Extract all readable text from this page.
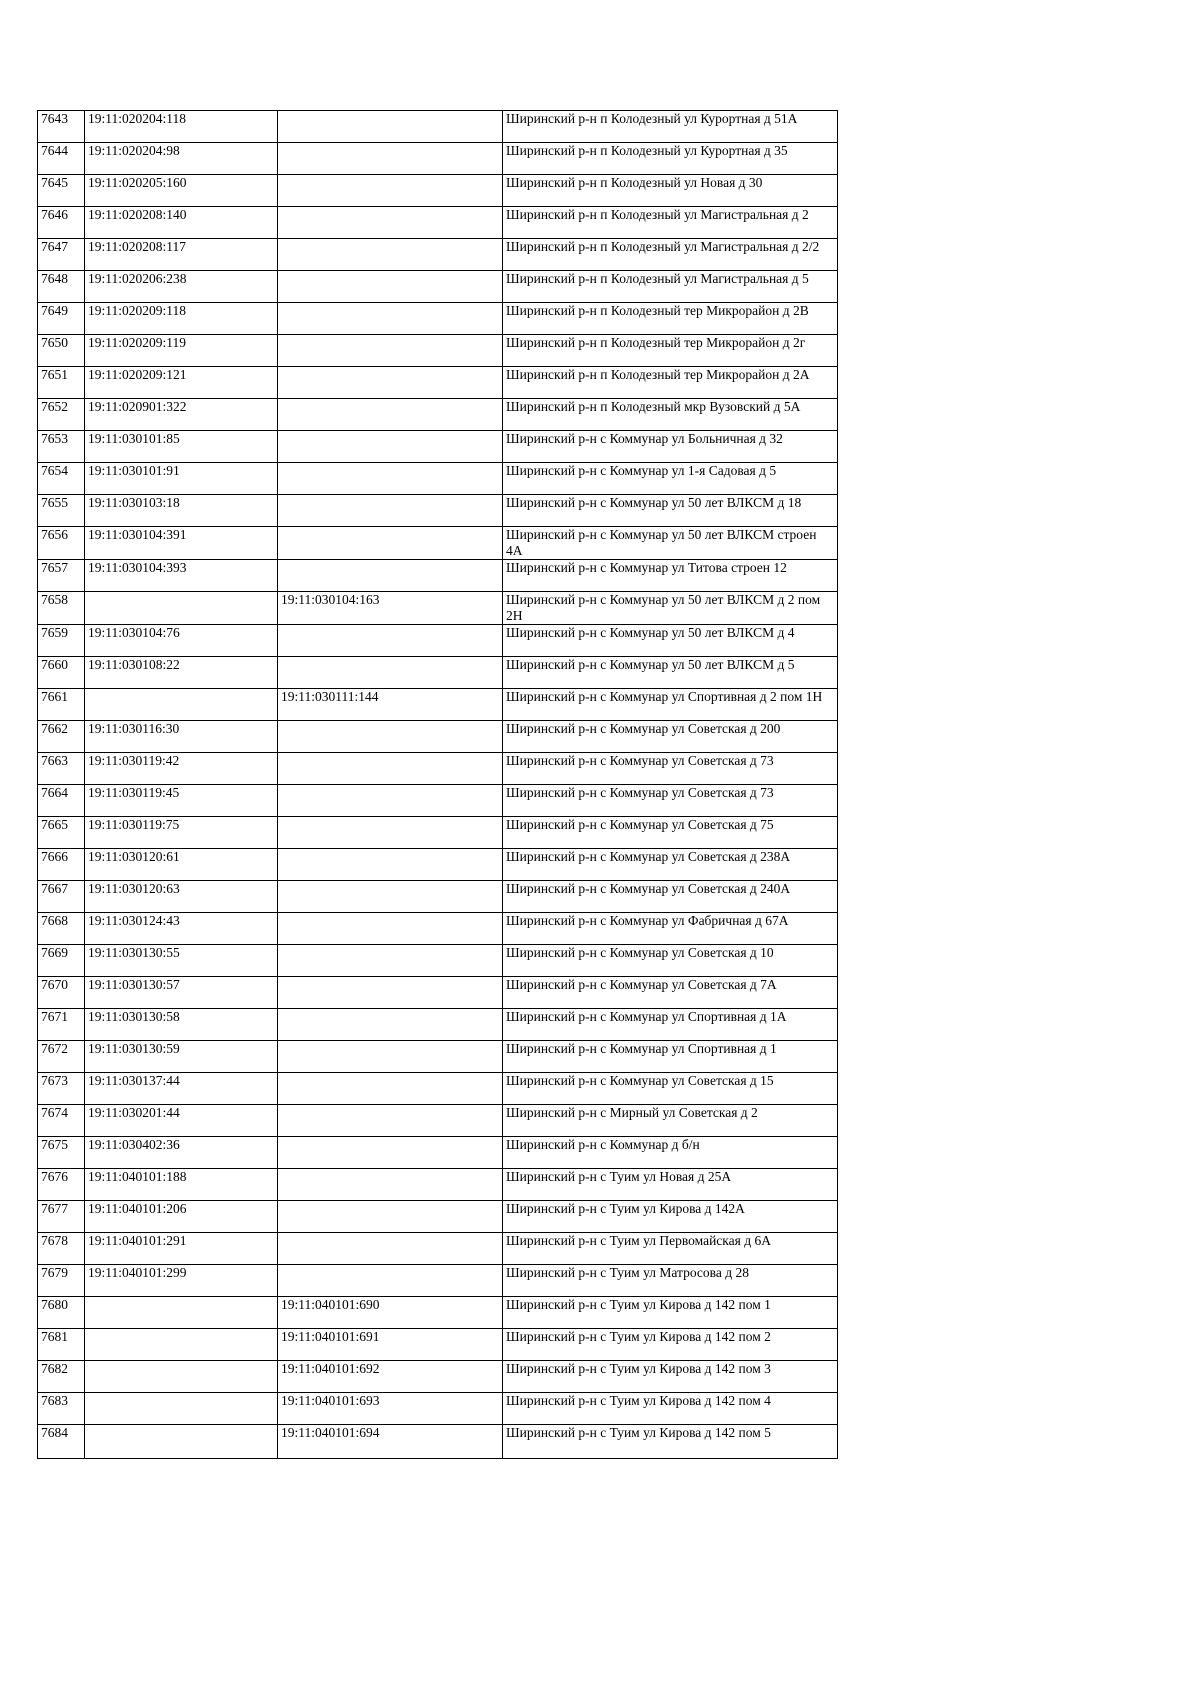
7643	19:11:020204:118		Ширинский р-н п Колодезный ул Курортная д 51А
7644	19:11:020204:98		Ширинский р-н п Колодезный ул Курортная д 35
7645	19:11:020205:160		Ширинский р-н п Колодезный ул Новая д 30
7646	19:11:020208:140		Ширинский р-н п Колодезный ул Магистральная д 2
7647	19:11:020208:117		Ширинский р-н п Колодезный ул Магистральная д 2/2
7648	19:11:020206:238		Ширинский р-н п Колодезный ул Магистральная д 5
7649	19:11:020209:118		Ширинский р-н п Колодезный тер Микрорайон д 2В
7650	19:11:020209:119		Ширинский р-н п Колодезный тер Микрорайон д 2г
7651	19:11:020209:121		Ширинский р-н п Колодезный тер Микрорайон д 2А
7652	19:11:020901:322		Ширинский р-н п Колодезный мкр Вузовский д 5А
7653	19:11:030101:85		Ширинский р-н с Коммунар ул Больничная д 32
7654	19:11:030101:91		Ширинский р-н с Коммунар ул 1-я Садовая д 5
7655	19:11:030103:18		Ширинский р-н с Коммунар ул 50 лет ВЛКСМ д 18
7656	19:11:030104:391		Ширинский р-н с Коммунар ул 50 лет ВЛКСМ строен 4А
7657	19:11:030104:393		Ширинский р-н с Коммунар ул Титова строен 12
7658		19:11:030104:163	Ширинский р-н с Коммунар ул 50 лет ВЛКСМ д 2 пом 2Н
7659	19:11:030104:76		Ширинский р-н с Коммунар ул 50 лет ВЛКСМ д 4
7660	19:11:030108:22		Ширинский р-н с Коммунар ул 50 лет ВЛКСМ д 5
7661		19:11:030111:144	Ширинский р-н с Коммунар ул Спортивная д 2 пом 1Н
7662	19:11:030116:30		Ширинский р-н с Коммунар ул Советская д 200
7663	19:11:030119:42		Ширинский р-н с Коммунар ул Советская д 73
7664	19:11:030119:45		Ширинский р-н с Коммунар ул Советская д 73
7665	19:11:030119:75		Ширинский р-н с Коммунар ул Советская д 75
7666	19:11:030120:61		Ширинский р-н с Коммунар ул Советская д 238А
7667	19:11:030120:63		Ширинский р-н с Коммунар ул Советская д 240А
7668	19:11:030124:43		Ширинский р-н с Коммунар ул Фабричная д 67А
7669	19:11:030130:55		Ширинский р-н с Коммунар ул Советская д 10
7670	19:11:030130:57		Ширинский р-н с Коммунар ул Советская д 7А
7671	19:11:030130:58		Ширинский р-н с Коммунар ул Спортивная д 1А
7672	19:11:030130:59		Ширинский р-н с Коммунар ул Спортивная д 1
7673	19:11:030137:44		Ширинский р-н с Коммунар ул Советская д 15
7674	19:11:030201:44		Ширинский р-н с Мирный ул Советская д 2
7675	19:11:030402:36		Ширинский р-н с Коммунар д б/н
7676	19:11:040101:188		Ширинский р-н с Туим ул Новая д 25А
7677	19:11:040101:206		Ширинский р-н с Туим ул Кирова д 142А
7678	19:11:040101:291		Ширинский р-н с Туим ул Первомайская д 6А
7679	19:11:040101:299		Ширинский р-н с Туим ул Матросова д 28
7680		19:11:040101:690	Ширинский р-н с Туим ул Кирова д 142 пом 1
7681		19:11:040101:691	Ширинский р-н с Туим ул Кирова д 142 пом 2
7682		19:11:040101:692	Ширинский р-н с Туим ул Кирова д 142 пом 3
7683		19:11:040101:693	Ширинский р-н с Туим ул Кирова д 142 пом 4
7684		19:11:040101:694	Ширинский р-н с Туим ул Кирова д 142 пом 5
